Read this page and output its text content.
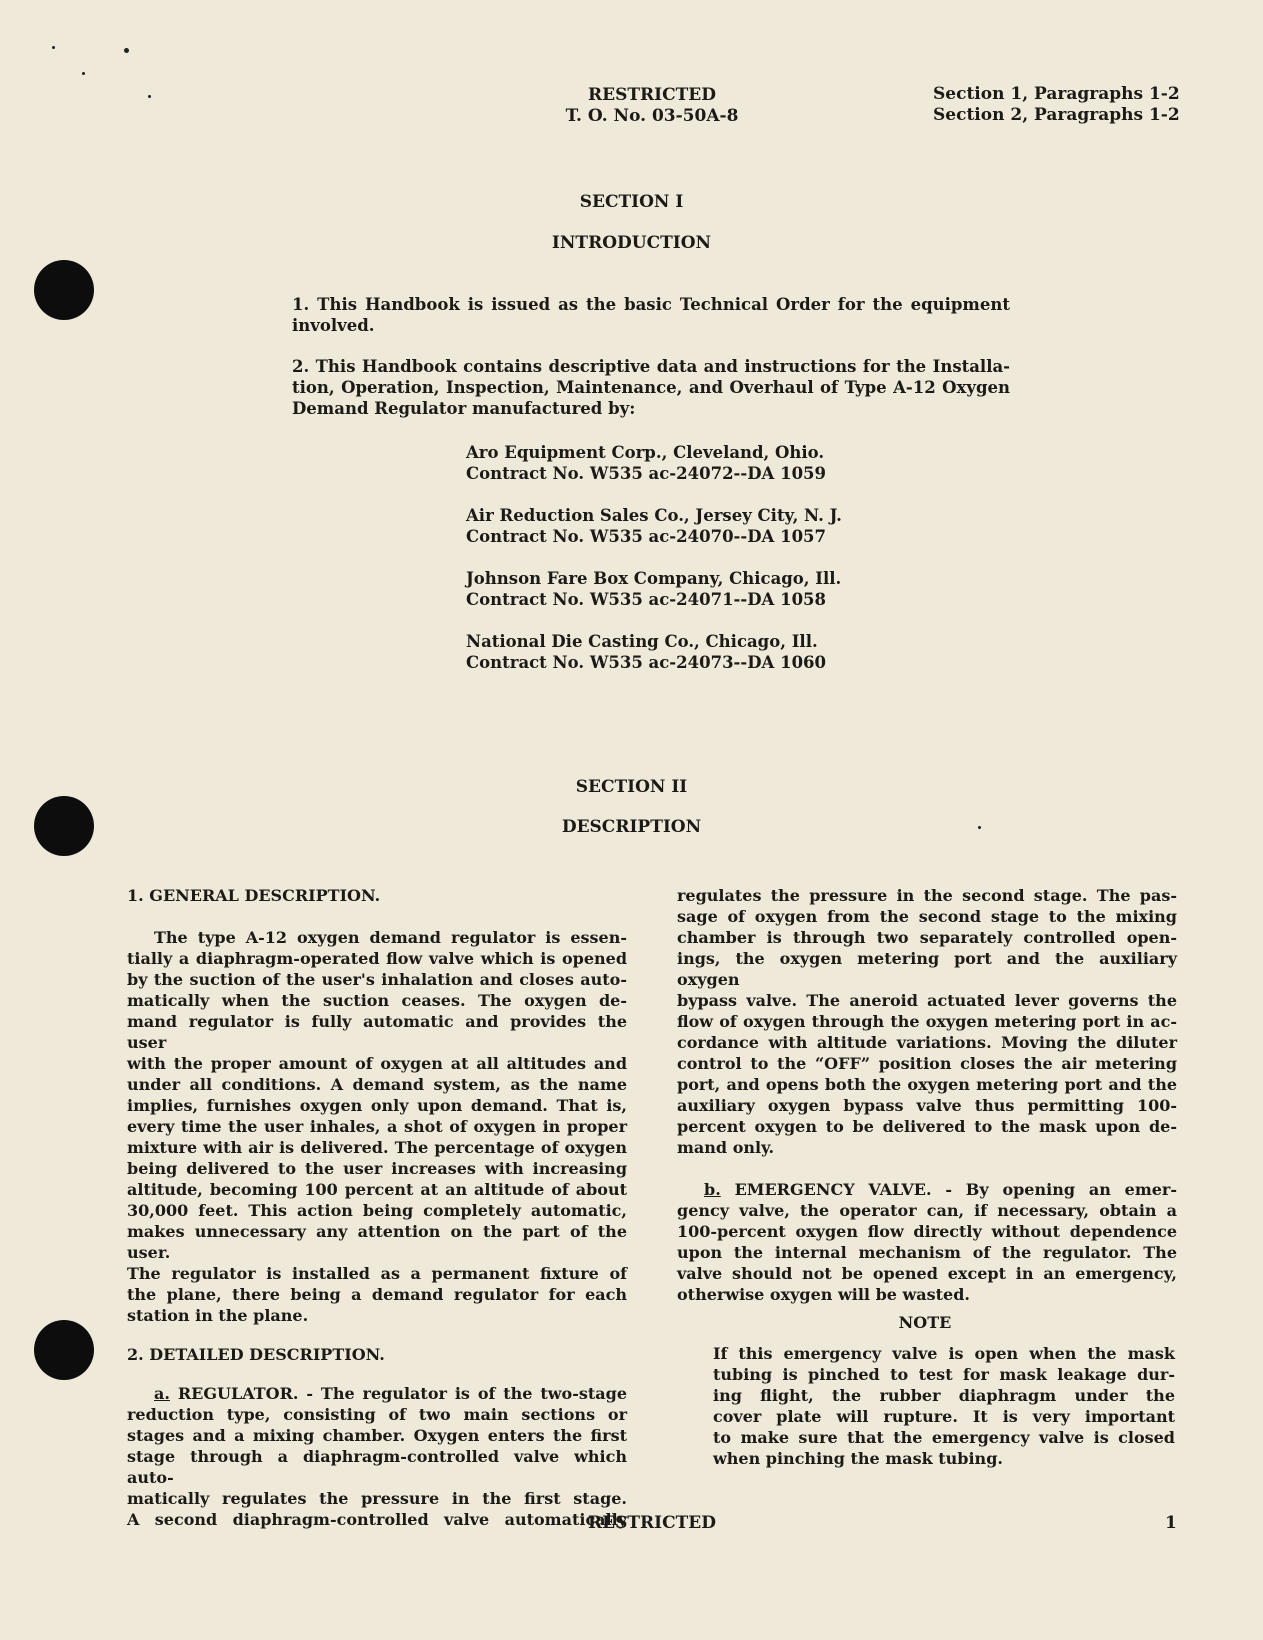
RESTRICTED
T. O. No. 03-50A-8
Section 1, Paragraphs 1-2
Section 2, Paragraphs 1-2
SECTION I
INTRODUCTION
1. This Handbook is issued as the basic Technical Order for the equipment
involved.
2. This Handbook contains descriptive data and instructions for the Installa-
tion, Operation, Inspection, Maintenance, and Overhaul of Type A-12 Oxygen
Demand Regulator manufactured by:
Aro Equipment Corp., Cleveland, Ohio.
Contract No. W535 ac-24072--DA 1059
Air Reduction Sales Co., Jersey City, N. J.
Contract No. W535 ac-24070--DA 1057
Johnson Fare Box Company, Chicago, Ill.
Contract No. W535 ac-24071--DA 1058
National Die Casting Co., Chicago, Ill.
Contract No. W535 ac-24073--DA 1060
SECTION II
DESCRIPTION
1. GENERAL DESCRIPTION.
The type A-12 oxygen demand regulator is essen-
tially a diaphragm-operated flow valve which is opened
by the suction of the user's inhalation and closes auto-
matically when the suction ceases. The oxygen de-
mand regulator is fully automatic and provides the user
with the proper amount of oxygen at all altitudes and
under all conditions. A demand system, as the name
implies, furnishes oxygen only upon demand. That is,
every time the user inhales, a shot of oxygen in proper
mixture with air is delivered. The percentage of oxygen
being delivered to the user increases with increasing
altitude, becoming 100 percent at an altitude of about
30,000 feet. This action being completely automatic,
makes unnecessary any attention on the part of the user.
The regulator is installed as a permanent fixture of
the plane, there being a demand regulator for each
station in the plane.
2. DETAILED DESCRIPTION.
a. REGULATOR. - The regulator is of the two-stage
reduction type, consisting of two main sections or
stages and a mixing chamber. Oxygen enters the first
stage through a diaphragm-controlled valve which auto-
matically regulates the pressure in the first stage.
A second diaphragm-controlled valve automatically
regulates the pressure in the second stage. The pas-
sage of oxygen from the second stage to the mixing
chamber is through two separately controlled open-
ings, the oxygen metering port and the auxiliary oxygen
bypass valve. The aneroid actuated lever governs the
flow of oxygen through the oxygen metering port in ac-
cordance with altitude variations. Moving the diluter
control to the “OFF” position closes the air metering
port, and opens both the oxygen metering port and the
auxiliary oxygen bypass valve thus permitting 100-
percent oxygen to be delivered to the mask upon de-
mand only.
b. EMERGENCY VALVE. - By opening an emer-
gency valve, the operator can, if necessary, obtain a
100-percent oxygen flow directly without dependence
upon the internal mechanism of the regulator. The
valve should not be opened except in an emergency,
otherwise oxygen will be wasted.
NOTE
If this emergency valve is open when the mask
tubing is pinched to test for mask leakage dur-
ing flight, the rubber diaphragm under the
cover plate will rupture. It is very important
to make sure that the emergency valve is closed
when pinching the mask tubing.
RESTRICTED	1
